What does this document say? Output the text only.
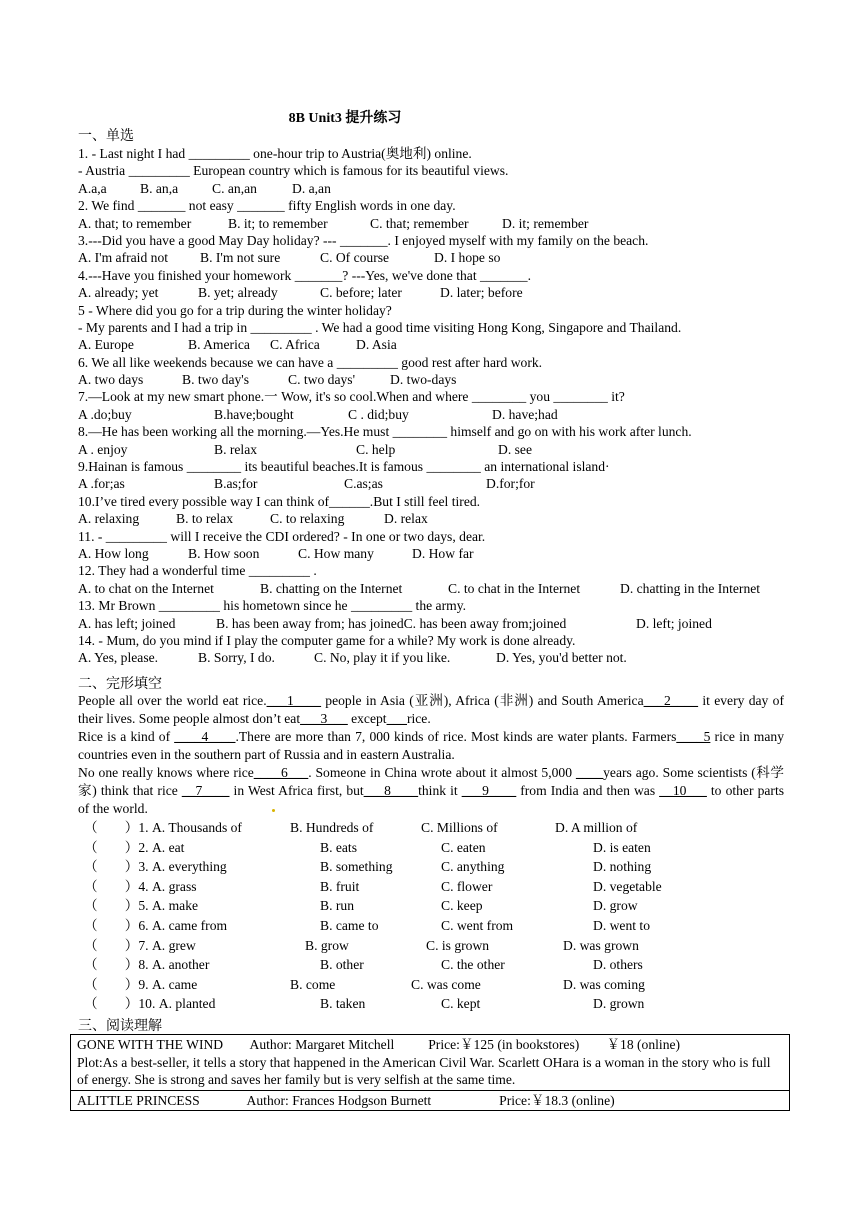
8B Unit3 提升练习
一、单选
1. - Last night I had _________ one-hour trip to Austria(奥地利) online.
- Austria _________ European country which is famous for its beautiful views.
A.a,a B. an,a C. an,an	D. a,an
2. We find _______ not easy _______ fifty English words in one day.
A. that; to remember	B. it; to remember	C. that; remember D. it; remember
3.---Did you have a good May Day holiday? --- _______. I enjoyed myself with my family on the beach.
A. I'm afraid not B. I'm not sure	C. Of course	D. I hope so
4.---Have you finished your homework _______? ---Yes, we've done that _______.
A. already; yet	B. yet; already	C. before; later	D. later; before
5 - Where did you go for a trip during the winter holiday?
- My parents and I had a trip in _________ . We had a good time visiting Hong Kong, Singapore and Thailand.
A. Europe	B. America C. Africa	D. Asia
6. We all like weekends because we can have a _________ good rest after hard work.
A. two days	B. two day's	C. two days'	D. two-days
7.—Look at my new smart phone.一 Wow, it's so cool.When and where ________ you ________ it?
A .do;buy	B.have;bought	C . did;buy	D. have;had
8.—He has been working all the morning.—Yes.He must ________ himself and go on with his work after lunch.
A . enjoy	B. relax	C. help	D. see
9.Hainan is famous ________ its beautiful beaches.It is famous ________ an international island·
A .for;as	B.as;for	C.as;as	D.for;for
10.I’ve tired every possible way I can think of______.But I still feel tired.
A. relaxing	B. to relax	C. to relaxing	D. relax
11. - _________ will I receive the CDI ordered? - In one or two days, dear.
A. How long	B. How soon	C. How many	D. How far
12. They had a wonderful time _________ .
A. to chat on the Internet	B. chatting on the Internet	C. to chat in the Internet	D. chatting in the Internet
13. Mr Brown _________ his hometown since he _________ the army.
A. has left; joined	B. has been away from; has joinedC. has been away from;joined	D. left; joined
14. - Mum, do you mind if I play the computer game for a while? My work is done already.
A. Yes, please.	B. Sorry, I do.	C. No, play it if you like.	D. Yes, you'd better not.
二、完形填空

People all over the world eat rice.___1____ people in Asia (亚洲), Africa (非洲) and South America___2____ it every day of their lives. Some people almost don’t eat___3___ except___rice.

Rice is a kind of ____4____.There are more than 7, 000 kinds of rice. Most kinds are water plants. Farmers____5 rice in many countries even in the southern part of Russia and in eastern Australia.

No one really knows where rice____6___. Someone in China wrote about it almost 5,000 ____years ago. Some scientists (科学家) think that rice __7____ in West Africa first, but___8____think it ___9____ from India and then was __10___ to other parts of the world.

（　　）1. A. Thousands of	B. Hundreds of	C. Millions of	D. A million of
（　　）2. A. eat	B. eats	C. eaten	D. is eaten
（　　）3. A. everything	B. something	C. anything	D. nothing
（　　）4. A. grass	B. fruit	C. flower	D. vegetable
（　　）5. A. make	B. run	C. keep	D. grow
（　　）6. A. came from	B. came to	C. went from	D. went to
（　　）7. A. grew	B. grow	C. is grown	D. was grown
（　　）8. A. another	B. other	C. the other	D. others
（　　）9. A. came	B. come	C. was come	D. was coming
（　　）10. A. planted	B. taken	C. kept	D. grown
三、阅读理解
GONE WITH THE WIND        Author: Margaret Mitchell          Price:￥125 (in bookstores)        ￥18 (online)
Plot:As a best-seller, it tells a story that happened in the American Civil War. Scarlett OHara is a woman in the story who is full of energy. She is strong and saves her family but is very selfish at the same time.
ALITTLE PRINCESS              Author: Frances Hodgson Burnett                    Price:￥18.3 (online)
